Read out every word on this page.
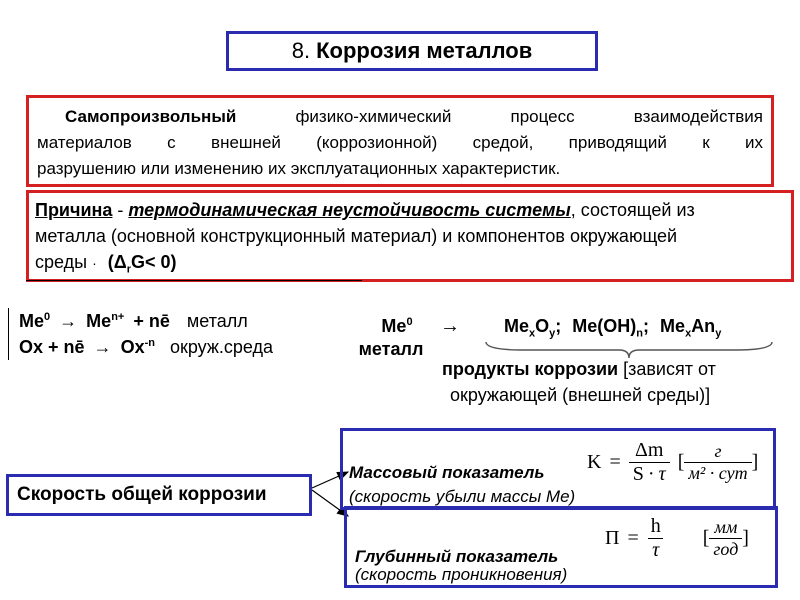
8. Коррозия металлов
Самопроизвольный	физико-химический процесс взаимодействия
материалов с внешней (коррозионной) средой, приводящий к их
разрушению или изменению их эксплуатационных характеристик.
Причина - термодинамическая неустойчивость системы, состоящей из
металла (основной конструкционный материал) и компонентов окружающей
среды · $(\Delta_rG< 0)$
$Me^0 \to Me^{n+}$ + nē металл
Ox + nē → $Ox^{-n}$ окруж.среда
Me$^0$
металл
→ $Me_xO_y$; $Me(OH)_n$; $Me_xAn_y$
продукты коррозии [зависят от
окружающей (внешней среды)]
Скорость общей коррозии
Массовый показатель
(скорость убыли массы Me)
$K = \frac{\Delta m}{S \cdot \tau}$ [ $\frac{г}{\text{м² · сут}}$ ]
Глубинный показатель
(скорость проникновения)
$П = \frac{h}{\tau}$ [ $\frac{мм}{\text{год}}$ ]
